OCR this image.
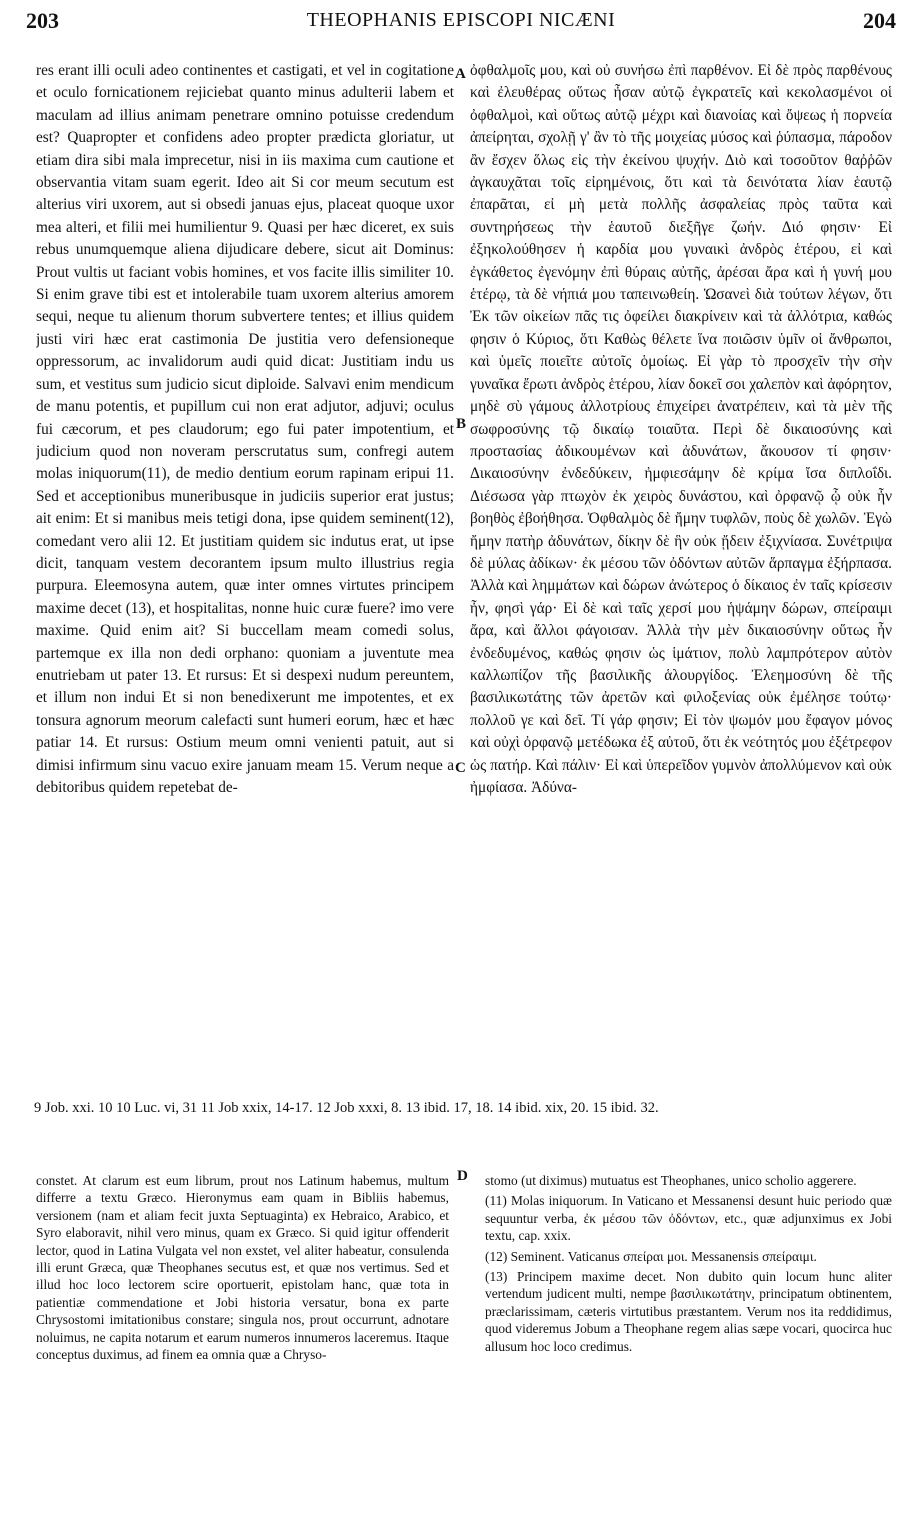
203	THEOPHANIS EPISCOPI NICÆNI	204

res erant illi oculi adeo continentes et castigati, et vel in cogitatione et oculo fornicationem rejiciebat quanto minus adulterii labem et maculam ad illius animam penetrare omnino potuisse credendum est? Quapropter et confidens adeo propter prædicta gloriatur, ut etiam dira sibi mala imprecetur, nisi in iis maxima cum cautione et observantia vitam suam egerit. Ideo ait Si cor meum secutum est alterius viri uxorem, aut si obsedi januas ejus, placeat quoque uxor mea alteri, et filii mei humilientur 9. Quasi per hæc diceret, ex suis rebus unumquemque aliena dijudicare debere, sicut ait Dominus: Prout vultis ut faciant vobis homines, et vos facite illis similiter 10. Si enim grave tibi est et intolerabile tuam uxorem alterius amorem sequi, neque tu alienum thorum subvertere tentes; et illius quidem justi viri hæc erat castimonia De justitia vero defensioneque oppressorum, ac invalidorum audi quid dicat: Justitiam indu us sum, et vestitus sum judicio sicut diploide. Salvavi enim mendicum de manu potentis, et pupillum cui non erat adjutor, adjuvi; oculus fui cæcorum, et pes claudorum; ego fui pater impotentium, et judicium quod non noveram perscrutatus sum, confregi autem molas iniquorum(11), de medio dentium eorum rapinam eripui 11. Sed et acceptionibus muneribusque in judiciis superior erat justus; ait enim: Et si manibus meis tetigi dona, ipse quidem seminent(12), comedant vero alii 12. Et justitiam quidem sic indutus erat, ut ipse dicit, tanquam vestem decorantem ipsum multo illustrius regia purpura. Eleemosyna autem, quæ inter omnes virtutes principem maxime decet (13), et hospitalitas, nonne huic curæ fuere? imo vere maxime. Quid enim ait? Si buccellam meam comedi solus, partemque ex illa non dedi orphano: quoniam a juventute mea enutriebam ut pater 13. Et rursus: Et si despexi nudum pereuntem, et illum non indui Et si non benedixerunt me impotentes, et ex tonsura agnorum meorum calefacti sunt humeri eorum, hæc et hæc patiar 14. Et rursus: Ostium meum omni venienti patuit, aut si dimisi infirmum sinu vacuo exire januam meam 15. Verum neque a debitoribus quidem repetebat de-

ὀφθαλμοῖς μου, καὶ οὐ συνήσω ἐπὶ παρθένον. Εἰ δὲ πρὸς παρθένους καὶ ἐλευθέρας οὕτως ἦσαν αὐτῷ ἐγκρατεῖς καὶ κεκολασμένοι οἱ ὀφθαλμοὶ, καὶ οὕτως αὐτῷ μέχρι καὶ διανοίας καὶ ὄψεως ἡ πορνεία ἀπείρηται, σχολῇ γ' ἂν τὸ τῆς μοιχείας μύσος καὶ ῥύπασμα, πάροδον ἂν ἔσχεν ὅλως εἰς τὴν ἐκείνου ψυχήν. Διὸ καὶ τοσοῦτον θαῤῥῶν ἀγκαυχᾶται τοῖς εἰρημένοις, ὅτι καὶ τὰ δεινότατα λίαν ἑαυτῷ ἐπαρᾶται, εἰ μὴ μετὰ πολλῆς ἀσφαλείας πρὸς ταῦτα καὶ συντηρήσεως τὴν ἑαυτοῦ διεξῆγε ζωήν. Διό φησιν· Εἰ ἐξηκολούθησεν ἡ καρδία μου γυναικὶ ἀνδρὸς ἑτέρου, εἰ καὶ ἐγκάθετος ἐγενόμην ἐπὶ θύραις αὐτῆς, ἀρέσαι ἄρα καὶ ἡ γυνή μου ἑτέρῳ, τὰ δὲ νήπιά μου ταπεινωθείη. Ὡσανεὶ διὰ τούτων λέγων, ὅτι Ἐκ τῶν οἰκείων πᾶς τις ὀφείλει διακρίνειν καὶ τὰ ἀλλότρια, καθώς φησιν ὁ Κύριος, ὅτι Καθὼς θέλετε ἵνα ποιῶσιν ὑμῖν οἱ ἄνθρωποι, καὶ ὑμεῖς ποιεῖτε αὐτοῖς ὁμοίως. Εἰ γὰρ τὸ προσχεῖν τὴν σὴν γυναῖκα ἔρωτι ἀνδρὸς ἑτέρου, λίαν δοκεῖ σοι χαλεπὸν καὶ ἀφόρητον, μηδὲ σὺ γάμους ἀλλοτρίους ἐπιχείρει ἀνατρέπειν, καὶ τὰ μὲν τῆς σωφροσύνης τῷ δικαίῳ τοιαῦτα. Περὶ δὲ δικαιοσύνης καὶ προστασίας ἀδικουμένων καὶ ἀδυνάτων, ἄκουσον τί φησιν· Δικαιοσύνην ἐνδεδύκειν, ἠμφιεσάμην δὲ κρίμα ἴσα διπλοΐδι. Διέσωσα γὰρ πτωχὸν ἐκ χειρὸς δυνάστου, καὶ ὀρφανῷ ᾧ οὐκ ἦν βοηθὸς ἐβοήθησα. Ὀφθαλμὸς δὲ ἤμην τυφλῶν, ποὺς δὲ χωλῶν. Ἐγὼ ἤμην πατὴρ ἀδυνάτων, δίκην δὲ ἣν οὐκ ᾔδειν ἐξιχνίασα. Συνέτριψα δὲ μύλας ἀδίκων· ἐκ μέσου τῶν ὀδόντων αὐτῶν ἅρπαγμα ἐξήρπασα. Ἀλλὰ καὶ λημμάτων καὶ δώρων ἀνώτερος ὁ δίκαιος ἐν ταῖς κρίσεσιν ἦν, φησὶ γάρ· Εἰ δὲ καὶ ταῖς χερσί μου ἡψάμην δώρων, σπείραιμι ἄρα, καὶ ἄλλοι φάγοισαν. Ἀλλὰ τὴν μὲν δικαιοσύνην οὕτως ἦν ἐνδεδυμένος, καθώς φησιν ὡς ἱμάτιον, πολὺ λαμπρότερον αὐτὸν καλλωπίζον τῆς βασιλικῆς ἁλουργίδος. Ἐλεημοσύνη δὲ τῆς βασιλικωτάτης τῶν ἀρετῶν καὶ φιλοξενίας οὐκ ἐμέλησε τούτῳ· πολλοῦ γε καὶ δεῖ. Τί γάρ φησιν; Εἰ τὸν ψωμόν μου ἔφαγον μόνος καὶ οὐχὶ ὀρφανῷ μετέδωκα ἐξ αὐτοῦ, ὅτι ἐκ νεότητός μου ἐξέτρεφον ὡς πατήρ. Καὶ πάλιν· Εἰ καὶ ὑπερεῖδον γυμνὸν ἀπολλύμενον καὶ οὐκ ἠμφίασα. Ἀδύνα-

A
B
C
D

9 Job. xxi. 10 10 Luc. vi, 31 11 Job xxix, 14-17. 12 Job xxxi, 8. 13 ibid. 17, 18. 14 ibid. xix, 20. 15 ibid. 32.

constet. At clarum est eum librum, prout nos Latinum habemus, multum differre a textu Græco. Hieronymus eam quam in Bibliis habemus, versionem (nam et aliam fecit juxta Septuaginta) ex Hebraico, Arabico, et Syro elaboravit, nihil vero minus, quam ex Græco. Si quid igitur offenderit lector, quod in Latina Vulgata vel non exstet, vel aliter habeatur, consulenda illi erunt Græca, quæ Theophanes secutus est, et quæ nos vertimus. Sed et illud hoc loco lectorem scire oportuerit, epistolam hanc, quæ tota in patientiæ commendatione et Jobi historia versatur, bona ex parte Chrysostomi imitationibus constare; singula nos, prout occurrunt, adnotare noluimus, ne capita notarum et earum numeros innumeros laceremus. Itaque conceptus duximus, ad finem ea omnia quæ a Chryso-

stomo (ut diximus) mutuatus est Theophanes, unico scholio aggerere.

(11) Molas iniquorum. In Vaticano et Messanensi desunt huic periodo quæ sequuntur verba, ἐκ μέσου τῶν ὀδόντων, etc., quæ adjunximus ex Jobi textu, cap. xxix.

(12) Seminent. Vaticanus σπείραι μοι. Messanensis σπείραιμι.

(13) Principem maxime decet. Non dubito quin locum hunc aliter vertendum judicent multi, nempe βασιλικωτάτην, principatum obtinentem, præclarissimam, cæteris virtutibus præstantem. Verum nos ita reddidimus, quod videremus Jobum a Theophane regem alias sæpe vocari, quocirca huc allusum hoc loco credimus.
